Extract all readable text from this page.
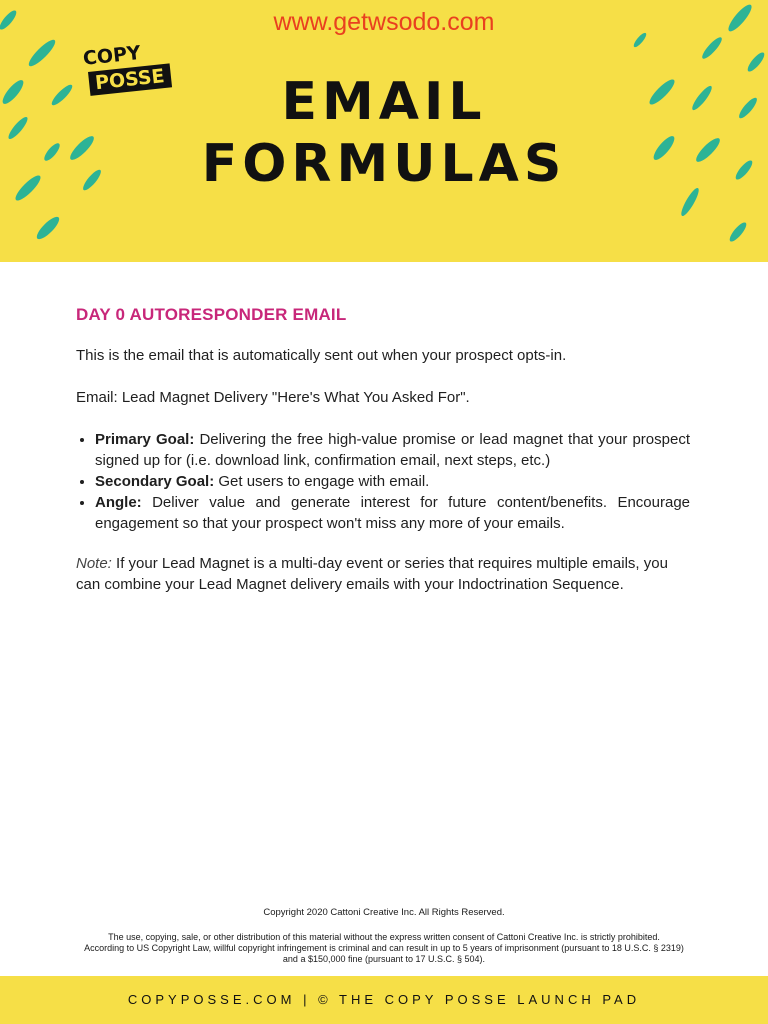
www.getwsodo.com
COPY
POSSE	EMAIL
FORMULAS
DAY 0 AUTORESPONDER EMAIL

This is the email that is automatically sent out when your prospect opts-in.

Email: Lead Magnet Delivery "Here's What You Asked For".

• Primary Goal: Delivering the free high-value promise or lead magnet that your prospect signed up for (i.e. download link, confirmation email, next steps, etc.)
• Secondary Goal: Get users to engage with email.
• Angle: Deliver value and generate interest for future content/benefits. Encourage engagement so that your prospect won't miss any more of your emails.

Note: If your Lead Magnet is a multi-day event or series that requires multiple emails, you can combine your Lead Magnet delivery emails with your Indoctrination Sequence.

Copyright 2020 Cattoni Creative Inc. All Rights Reserved.
The use, copying, sale, or other distribution of this material without the express written consent of Cattoni Creative Inc. is strictly prohibited.
According to US Copyright Law, willful copyright infringement is criminal and can result in up to 5 years of imprisonment (pursuant to 18 U.S.C. § 2319)
and a $150,000 fine (pursuant to 17 U.S.C. § 504).
COPYPOSSE.COM | © THE COPY POSSE LAUNCH PAD
